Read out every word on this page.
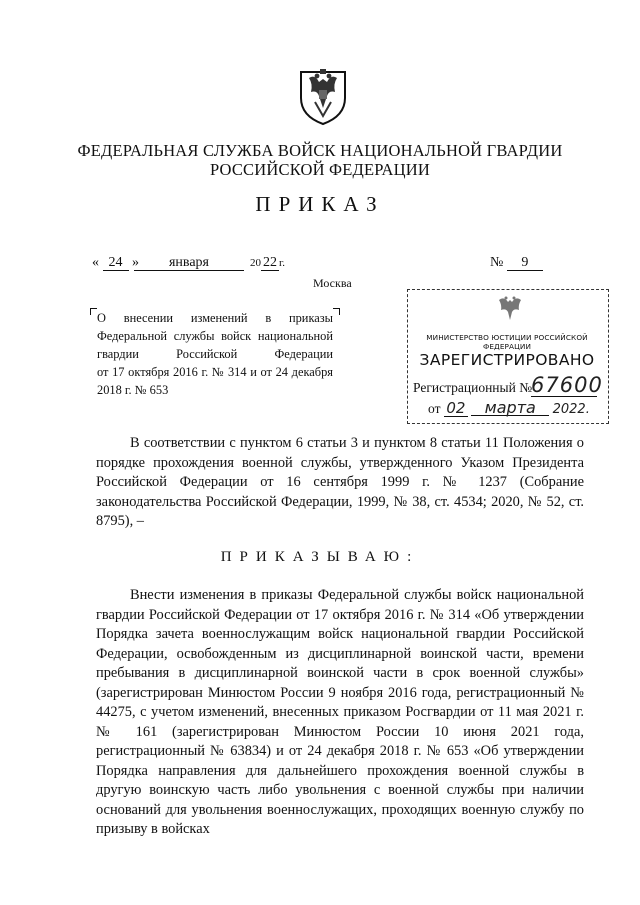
ФЕДЕРАЛЬНАЯ СЛУЖБА ВОЙСК НАЦИОНАЛЬНОЙ ГВАРДИИ
РОССИЙСКОЙ ФЕДЕРАЦИИ
ПРИКАЗ
« 24 »	января	20 22 г.	№ 9
Москва
О внесении изменений в приказы
Федеральной службы войск национальной
гвардии Российской Федерации
от 17 октября 2016 г. № 314 и от 24 декабря
2018 г. № 653
МИНИСТЕРСТВО ЮСТИЦИИ РОССИЙСКОЙ ФЕДЕРАЦИИ
ЗАРЕГИСТРИРОВАНО
Регистрационный №
67600
от 02 марта 2022.
В соответствии с пунктом 6 статьи 3 и пунктом 8 статьи 11 Положения о порядке прохождения военной службы, утвержденного Указом Президента Российской Федерации от 16 сентября 1999 г. № 1237 (Собрание законодательства Российской Федерации, 1999, № 38, ст. 4534; 2020, № 52, ст. 8795), –
ПРИКАЗЫВАЮ:
Внести изменения в приказы Федеральной службы войск национальной гвардии Российской Федерации от 17 октября 2016 г. № 314 «Об утверждении Порядка зачета военнослужащим войск национальной гвардии Российской Федерации, освобожденным из дисциплинарной воинской части, времени пребывания в дисциплинарной воинской части в срок военной службы» (зарегистрирован Минюстом России 9 ноября 2016 года, регистрационный № 44275, с учетом изменений, внесенных приказом Росгвардии от 11 мая 2021 г. № 161 (зарегистрирован Минюстом России 10 июня 2021 года, регистрационный № 63834) и от 24 декабря 2018 г. № 653 «Об утверждении Порядка направления для дальнейшего прохождения военной службы в другую воинскую часть либо увольнения с военной службы при наличии оснований для увольнения военнослужащих, проходящих военную службу по призыву в войсках
